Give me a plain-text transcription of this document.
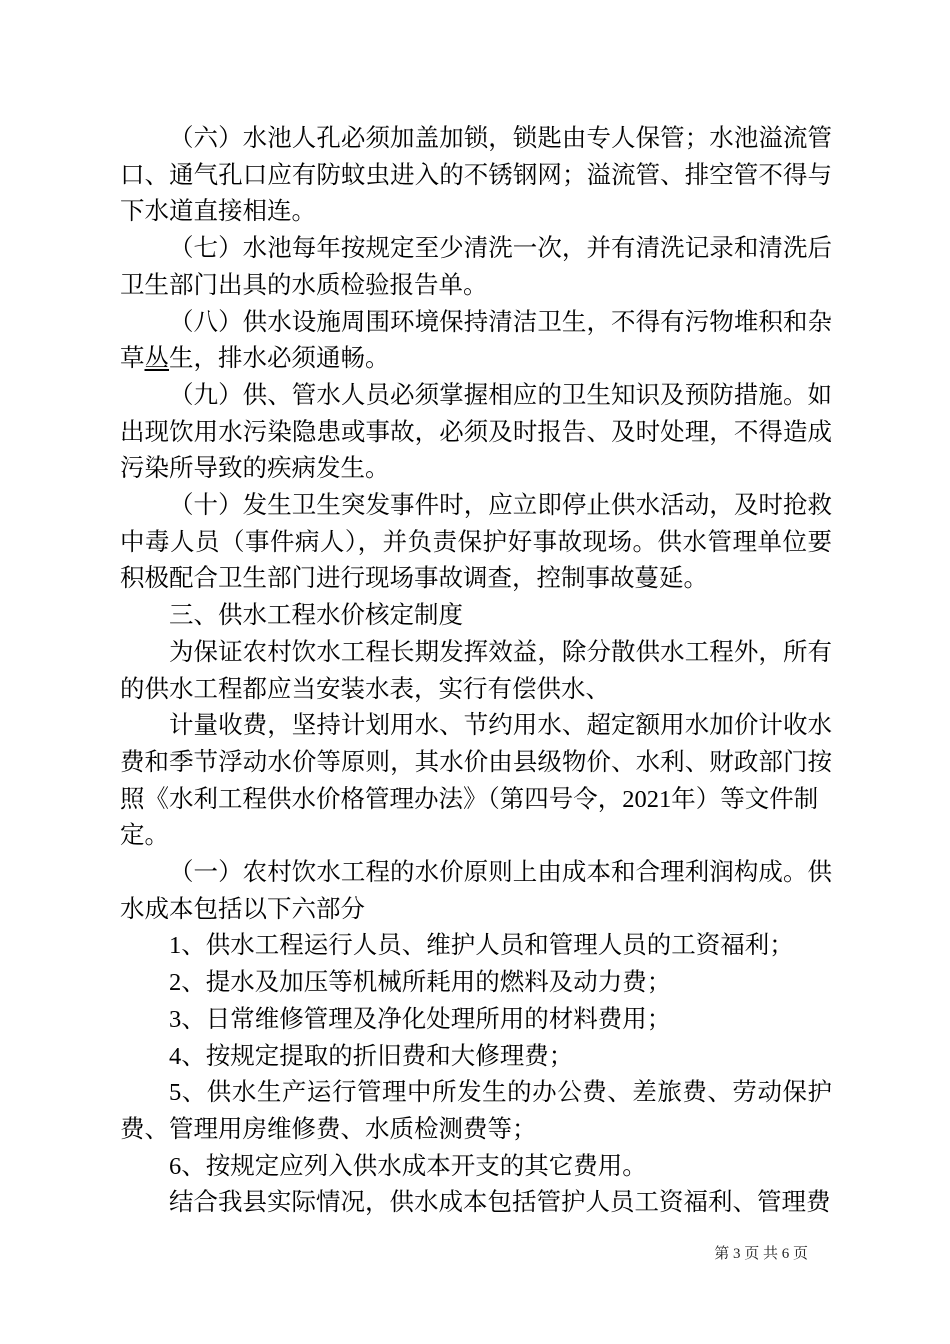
（六）水池人孔必须加盖加锁，锁匙由专人保管；水池溢流管口、通气孔口应有防蚊虫进入的不锈钢网；溢流管、排空管不得与下水道直接相连。

（七）水池每年按规定至少清洗一次，并有清洗记录和清洗后卫生部门出具的水质检验报告单。

（八）供水设施周围环境保持清洁卫生，不得有污物堆积和杂草丛生，排水必须通畅。

（九）供、管水人员必须掌握相应的卫生知识及预防措施。如出现饮用水污染隐患或事故，必须及时报告、及时处理，不得造成污染所导致的疾病发生。

（十）发生卫生突发事件时，应立即停止供水活动，及时抢救中毒人员（事件病人），并负责保护好事故现场。供水管理单位要积极配合卫生部门进行现场事故调查，控制事故蔓延。

三、供水工程水价核定制度

为保证农村饮水工程长期发挥效益，除分散供水工程外，所有的供水工程都应当安装水表，实行有偿供水、

计量收费，坚持计划用水、节约用水、超定额用水加价计收水费和季节浮动水价等原则，其水价由县级物价、水利、财政部门按照《水利工程供水价格管理办法》（第四号令，2021年）等文件制
定。

（一）农村饮水工程的水价原则上由成本和合理利润构成。供水成本包括以下六部分

1、供水工程运行人员、维护人员和管理人员的工资福利；

2、提水及加压等机械所耗用的燃料及动力费；

3、日常维修管理及净化处理所用的材料费用；

4、按规定提取的折旧费和大修理费；

5、供水生产运行管理中所发生的办公费、差旅费、劳动保护费、管理用房维修费、水质检测费等；

6、按规定应列入供水成本开支的其它费用。

结合我县实际情况，供水成本包括管护人员工资福利、管理费

第 3 页 共 6 页
